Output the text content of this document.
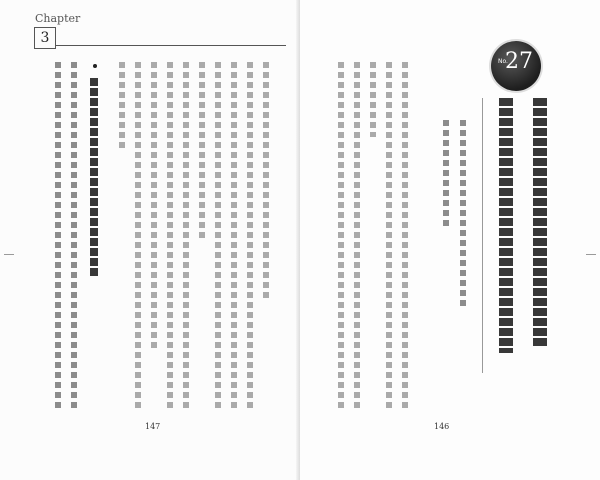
Chapter
3
147
No.
27
146
